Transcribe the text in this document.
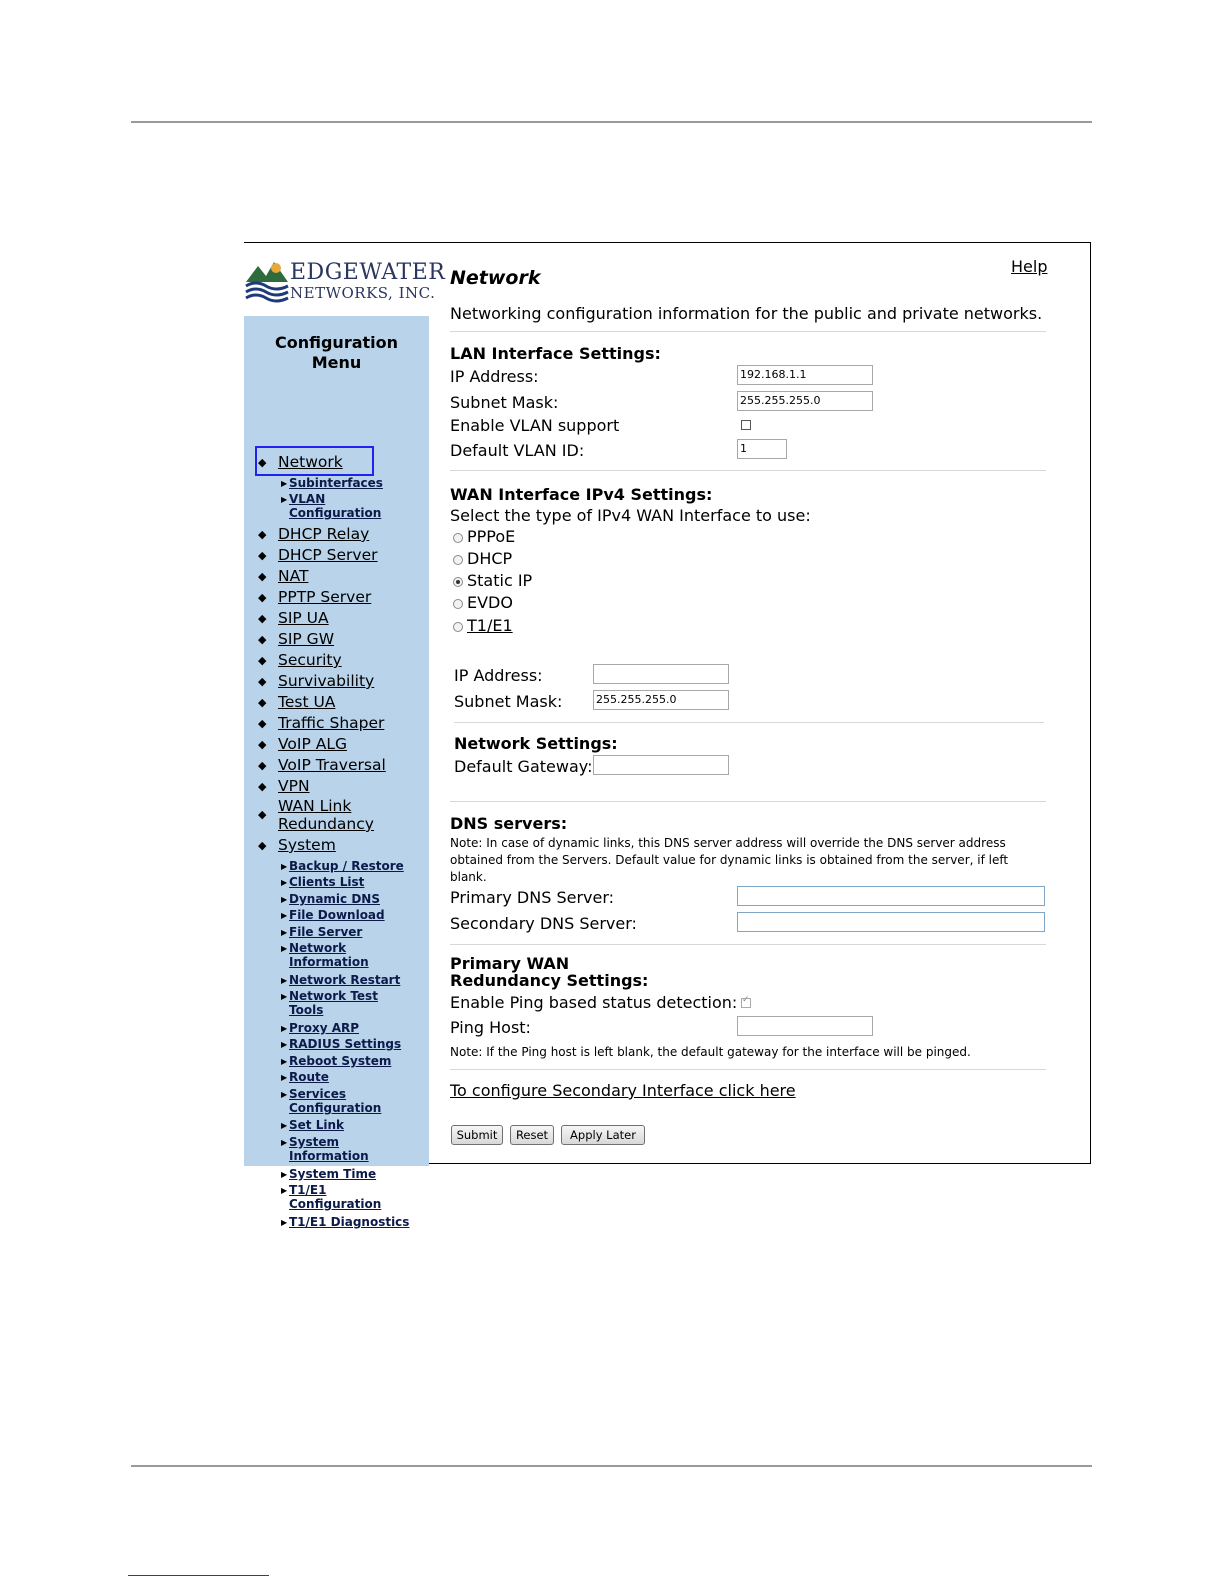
EDGEWATER
NETWORKS, INC.
Configuration Menu
◆ Network
▶ Subinterfaces
▶ VLAN Configuration
◆ DHCP Relay
◆ DHCP Server
◆ NAT
◆ PPTP Server
◆ SIP UA
◆ SIP GW
◆ Security
◆ Survivability
◆ Test UA
◆ Traffic Shaper
◆ VoIP ALG
◆ VoIP Traversal
◆ VPN
◆ WAN Link Redundancy
◆ System
▶ Backup / Restore
▶ Clients List
▶ Dynamic DNS
▶ File Download
▶ File Server
▶ Network Information
▶ Network Restart
▶ Network Test Tools
▶ Proxy ARP
▶ RADIUS Settings
▶ Reboot System
▶ Route
▶ Services Configuration
▶ Set Link
▶ System Information
▶ System Time
▶ T1/E1 Configuration
▶ T1/E1 Diagnostics
Network
Help
Networking configuration information for the public and private networks.
LAN Interface Settings:
IP Address:	192.168.1.1
Subnet Mask:	255.255.255.0
Enable VLAN support
Default VLAN ID:	1
WAN Interface IPv4 Settings:
Select the type of IPv4 WAN Interface to use:
PPPoE
DHCP
Static IP
EVDO
T1/E1
IP Address:
Subnet Mask:	255.255.255.0
Network Settings:
Default Gateway:
DNS servers:
Note: In case of dynamic links, this DNS server address will override the DNS server address obtained from the Servers. Default value for dynamic links is obtained from the server, if left blank.
Primary DNS Server:
Secondary DNS Server:
Primary WAN Redundancy Settings:
Enable Ping based status detection:
✓
Ping Host:
Note: If the Ping host is left blank, the default gateway for the interface will be pinged.
To configure Secondary Interface click here
Submit	Reset	Apply Later
